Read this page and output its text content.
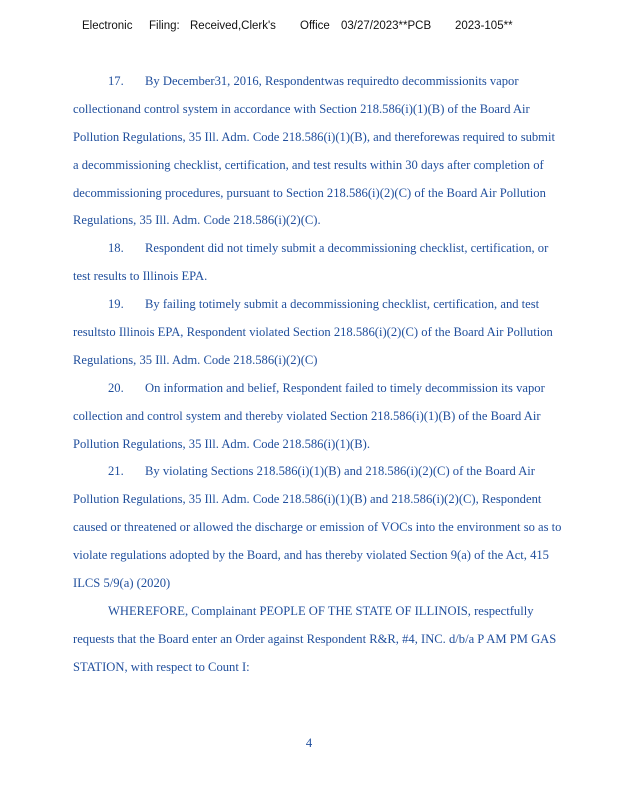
Electronic Filing: Received,Clerk's Office 03/27/2023**PCB 2023-105**
17. By December31, 2016, Respondentwas requiredto decommissionits vapor
collectionand control system in accordance with Section 218.586(i)(1)(B) of the Board Air
Pollution Regulations, 35 Ill. Adm. Code 218.586(i)(1)(B), and thereforewas required to submit
a decommissioning checklist, certification, and test results within 30 days after completion of
decommissioning procedures, pursuant to Section 218.586(i)(2)(C) of the Board Air Pollution
Regulations, 35 Ill. Adm. Code 218.586(i)(2)(C).
18. Respondent did not timely submit a decommissioning checklist, certification, or
test results to Illinois EPA.
19. By failing totimely submit a decommissioning checklist, certification, and test
resultsto Illinois EPA, Respondent violated Section 218.586(i)(2)(C) of the Board Air Pollution
Regulations, 35 Ill. Adm. Code 218.586(i)(2)(C)
20. On information and belief, Respondent failed to timely decommission its vapor
collection and control system and thereby violated Section 218.586(i)(1)(B) of the Board Air
Pollution Regulations, 35 Ill. Adm. Code 218.586(i)(1)(B).
21. By violating Sections 218.586(i)(1)(B) and 218.586(i)(2)(C) of the Board Air
Pollution Regulations, 35 Ill. Adm. Code 218.586(i)(1)(B) and 218.586(i)(2)(C), Respondent
caused or threatened or allowed the discharge or emission of VOCs into the environment so as to
violate regulations adopted by the Board, and has thereby violated Section 9(a) of the Act, 415
ILCS 5/9(a) (2020)
WHEREFORE, Complainant PEOPLE OF THE STATE OF ILLINOIS, respectfully
requests that the Board enter an Order against Respondent R&R, #4, INC. d/b/a P AM PM GAS
STATION, with respect to Count I:
4
